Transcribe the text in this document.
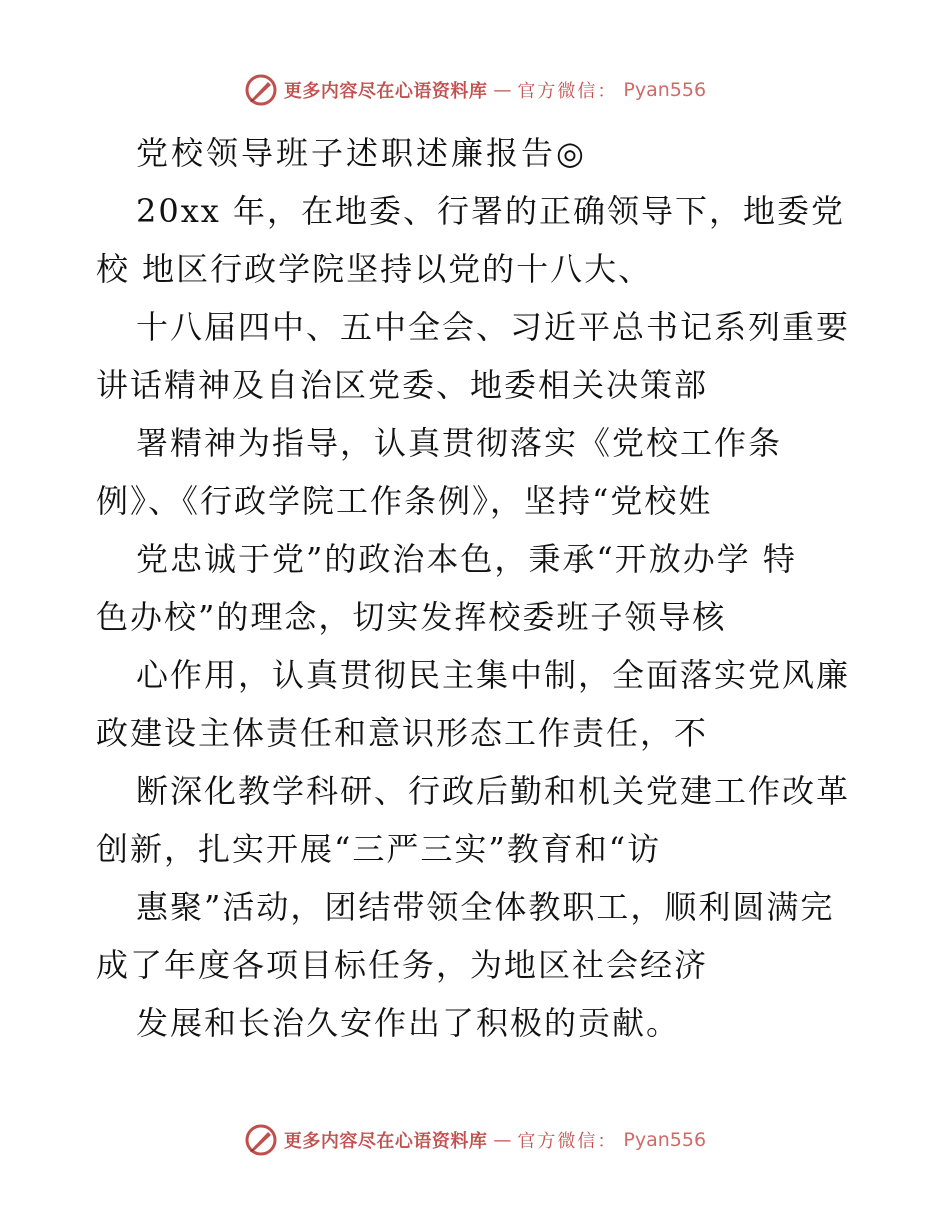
更多内容尽在心语资料库 — 官方微信： Pyan556
党校领导班子述职述廉报告◎
20xx 年，在地委、行署的正确领导下，地委党
校 地区行政学院坚持以党的十八大、
十八届四中、五中全会、习近平总书记系列重要
讲话精神及自治区党委、地委相关决策部
署精神为指导，认真贯彻落实《党校工作条
例》、《行政学院工作条例》，坚持“党校姓
党忠诚于党”的政治本色，秉承“开放办学 特
色办校”的理念，切实发挥校委班子领导核
心作用，认真贯彻民主集中制，全面落实党风廉
政建设主体责任和意识形态工作责任，不
断深化教学科研、行政后勤和机关党建工作改革
创新，扎实开展“三严三实”教育和“访
惠聚”活动，团结带领全体教职工，顺利圆满完
成了年度各项目标任务，为地区社会经济
发展和长治久安作出了积极的贡献。
更多内容尽在心语资料库 — 官方微信： Pyan556
